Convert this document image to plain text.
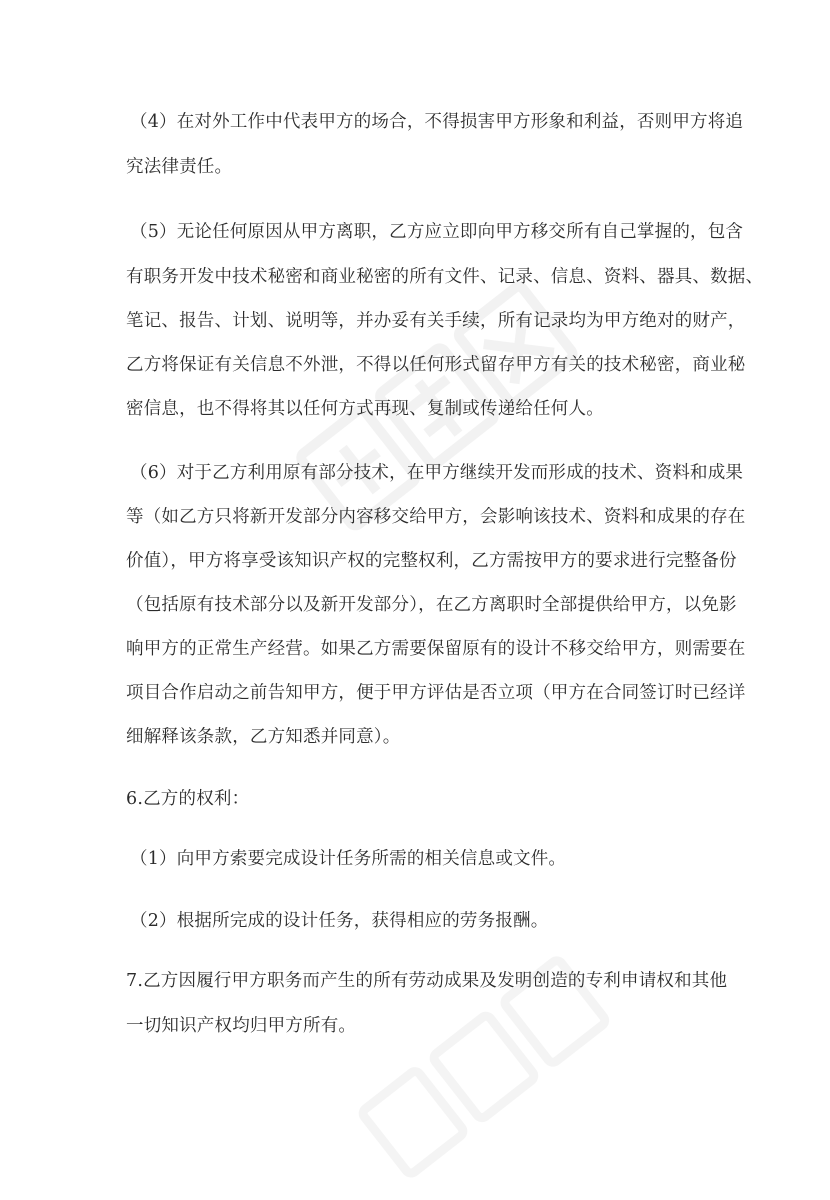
（4）在对外工作中代表甲方的场合，不得损害甲方形象和利益，否则甲方将追
究法律责任。
（5）无论任何原因从甲方离职，乙方应立即向甲方移交所有自己掌握的，包含
有职务开发中技术秘密和商业秘密的所有文件、记录、信息、资料、器具、数据、
笔记、报告、计划、说明等，并办妥有关手续，所有记录均为甲方绝对的财产，
乙方将保证有关信息不外泄，不得以任何形式留存甲方有关的技术秘密，商业秘
密信息，也不得将其以任何方式再现、复制或传递给任何人。
（6）对于乙方利用原有部分技术，在甲方继续开发而形成的技术、资料和成果
等（如乙方只将新开发部分内容移交给甲方，会影响该技术、资料和成果的存在
价值），甲方将享受该知识产权的完整权利，乙方需按甲方的要求进行完整备份
（包括原有技术部分以及新开发部分），在乙方离职时全部提供给甲方，以免影
响甲方的正常生产经营。如果乙方需要保留原有的设计不移交给甲方，则需要在
项目合作启动之前告知甲方，便于甲方评估是否立项（甲方在合同签订时已经详
细解释该条款，乙方知悉并同意）。
6.乙方的权利：
（1）向甲方索要完成设计任务所需的相关信息或文件。
（2）根据所完成的设计任务，获得相应的劳务报酬。
7.乙方因履行甲方职务而产生的所有劳动成果及发明创造的专利申请权和其他
一切知识产权均归甲方所有。
